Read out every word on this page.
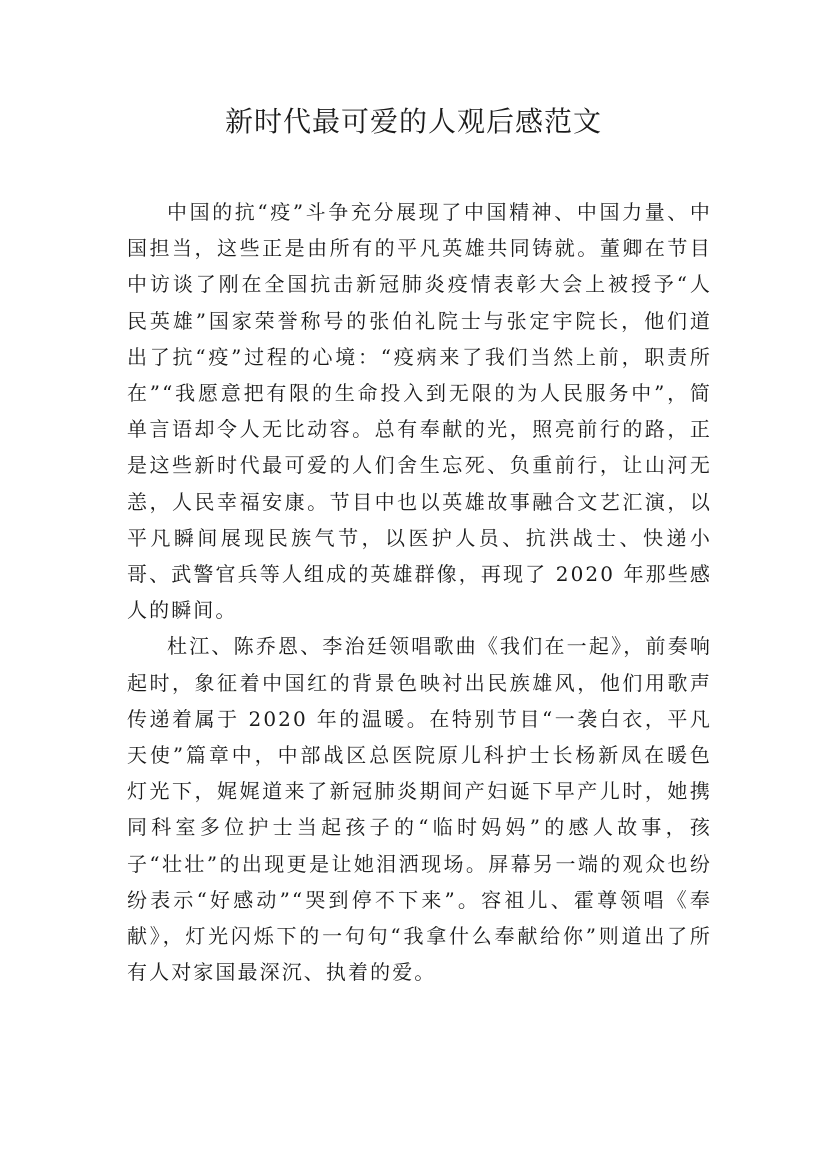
新时代最可爱的人观后感范文

中国的抗“疫”斗争充分展现了中国精神、中国力量、中国担当，这些正是由所有的平凡英雄共同铸就。董卿在节目中访谈了刚在全国抗击新冠肺炎疫情表彰大会上被授予“人民英雄”国家荣誉称号的张伯礼院士与张定宇院长，他们道出了抗“疫”过程的心境：“疫病来了我们当然上前，职责所在”“我愿意把有限的生命投入到无限的为人民服务中”，简单言语却令人无比动容。总有奉献的光，照亮前行的路，正是这些新时代最可爱的人们舍生忘死、负重前行，让山河无恙，人民幸福安康。节目中也以英雄故事融合文艺汇演，以平凡瞬间展现民族气节，以医护人员、抗洪战士、快递小哥、武警官兵等人组成的英雄群像，再现了 2020 年那些感人的瞬间。

杜江、陈乔恩、李治廷领唱歌曲《我们在一起》，前奏响起时，象征着中国红的背景色映衬出民族雄风，他们用歌声传递着属于 2020 年的温暖。在特别节目“一袭白衣，平凡天使”篇章中，中部战区总医院原儿科护士长杨新凤在暖色灯光下，娓娓道来了新冠肺炎期间产妇诞下早产儿时，她携同科室多位护士当起孩子的“临时妈妈”的感人故事，孩子“壮壮”的出现更是让她泪洒现场。屏幕另一端的观众也纷纷表示“好感动”“哭到停不下来”。容祖儿、霍尊领唱《奉献》，灯光闪烁下的一句句“我拿什么奉献给你”则道出了所有人对家国最深沉、执着的爱。
